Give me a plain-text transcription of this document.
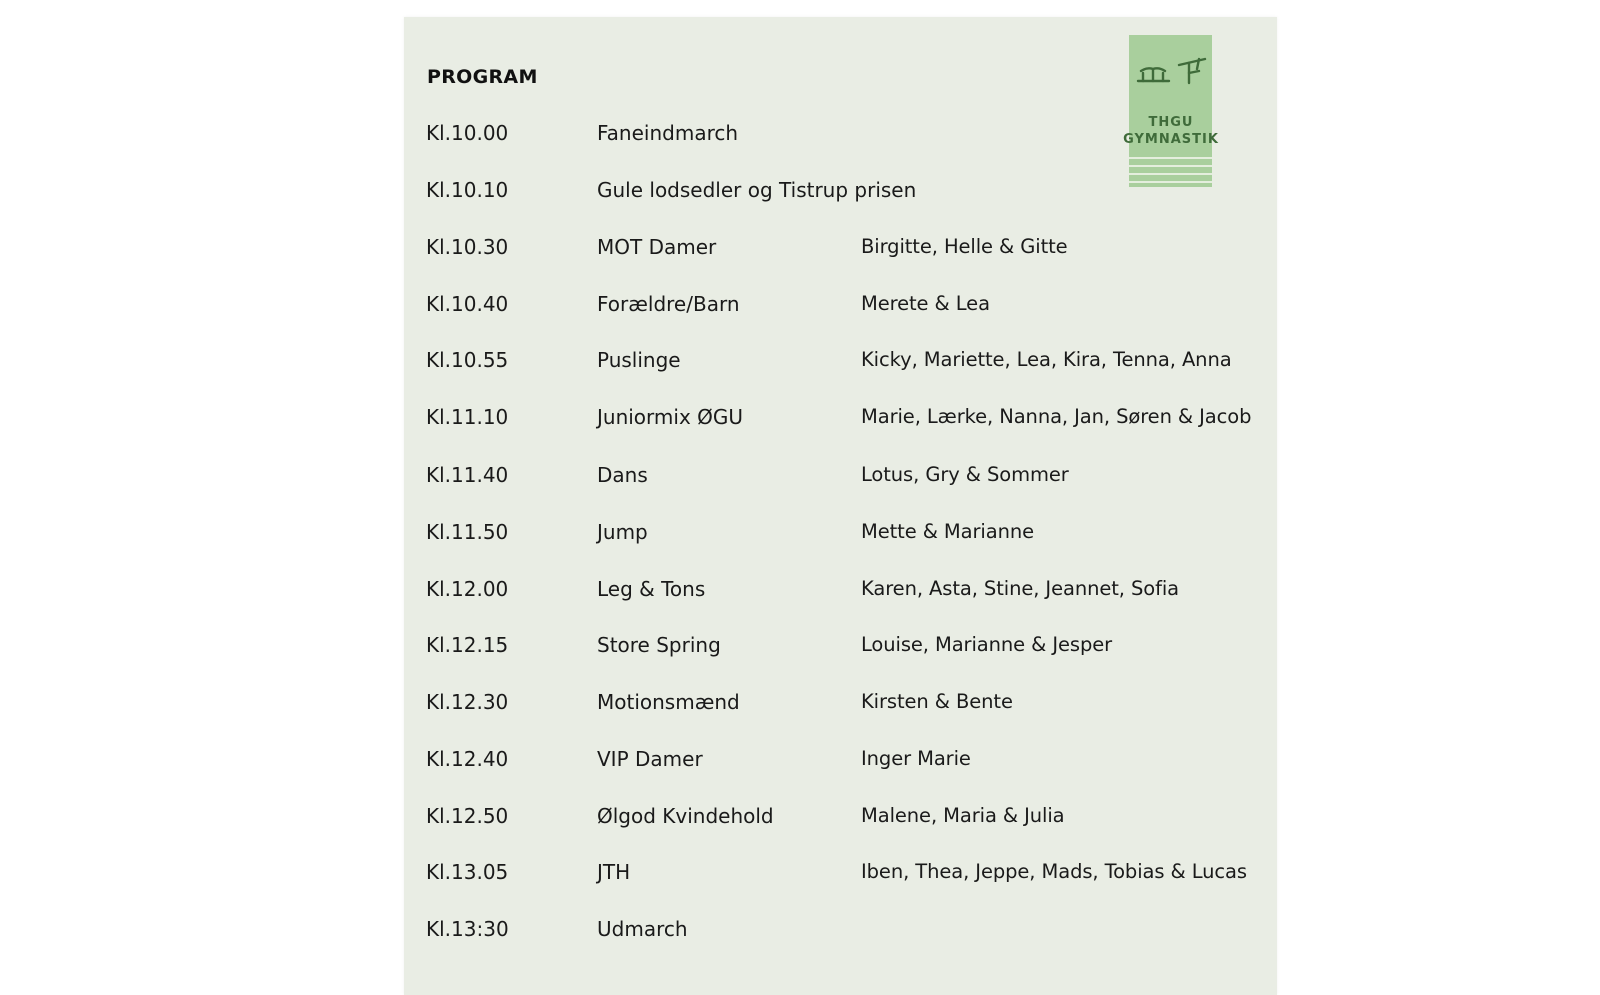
PROGRAM
THGU
GYMNASTIK
Kl.10.00	Faneindmarch
Kl.10.10	Gule lodsedler og Tistrup prisen
Kl.10.30	MOT Damer	Birgitte, Helle & Gitte
Kl.10.40	Forældre/Barn	Merete & Lea
Kl.10.55	Puslinge	Kicky, Mariette, Lea, Kira, Tenna, Anna
Kl.11.10	Juniormix ØGU	Marie, Lærke, Nanna, Jan, Søren & Jacob
Kl.11.40	Dans	Lotus, Gry & Sommer
Kl.11.50	Jump	Mette & Marianne
Kl.12.00	Leg & Tons	Karen, Asta, Stine, Jeannet, Sofia
Kl.12.15	Store Spring	Louise, Marianne & Jesper
Kl.12.30	Motionsmænd	Kirsten & Bente
Kl.12.40	VIP Damer	Inger Marie
Kl.12.50	Ølgod Kvindehold	Malene, Maria & Julia
Kl.13.05	JTH	Iben, Thea, Jeppe, Mads, Tobias & Lucas
Kl.13:30	Udmarch
